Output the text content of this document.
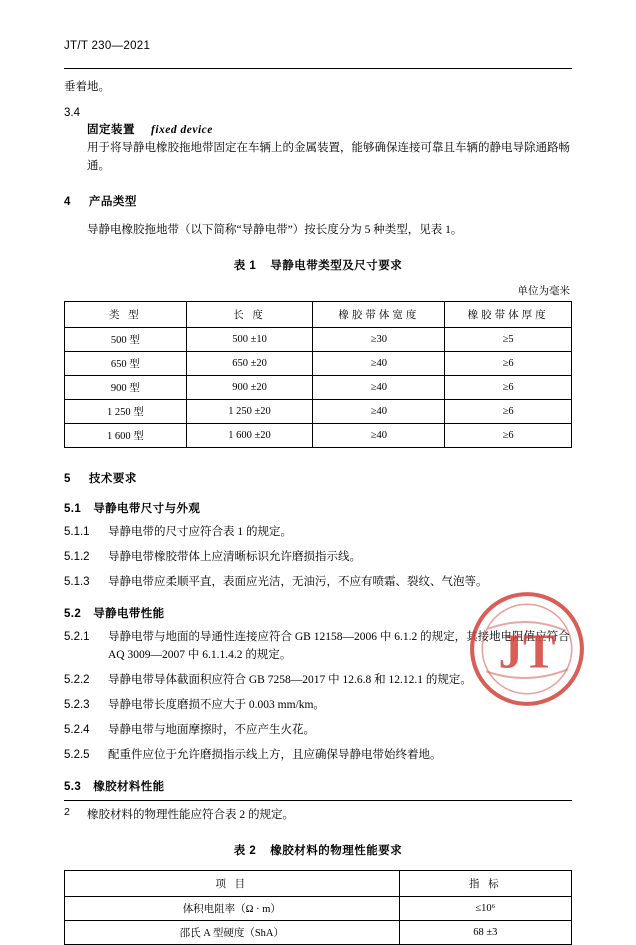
JT/T 230—2021

垂着地。

3.4
固定装置 fixed device
用于将导静电橡胶拖地带固定在车辆上的金属装置，能够确保连接可靠且车辆的静电导除通路畅通。
4 产品类型

导静电橡胶拖地带（以下简称“导静电带”）按长度分为 5 种类型，见表 1。

表 1 导静电带类型及尺寸要求
单位为毫米
类 型	长 度	橡胶带体宽度	橡胶带体厚度
500 型	500 ±10	≥30	≥5
650 型	650 ±20	≥40	≥6
900 型	900 ±20	≥40	≥6
1 250 型	1 250 ±20	≥40	≥6
1 600 型	1 600 ±20	≥40	≥6
5 技术要求
5.1 导静电带尺寸与外观
5.1.1 导静电带的尺寸应符合表 1 的规定。
5.1.2 导静电带橡胶带体上应清晰标识允许磨损指示线。
5.1.3 导静电带应柔顺平直，表面应光洁，无油污，不应有喷霜、裂纹、气泡等。
5.2 导静电带性能
5.2.1 导静电带与地面的导通性连接应符合 GB 12158—2006 中 6.1.2 的规定，其接地电阻值应符合 AQ 3009—2007 中 6.1.1.4.2 的规定。
5.2.2 导静电带导体截面积应符合 GB 7258—2017 中 12.6.8 和 12.12.1 的规定。
5.2.3 导静电带长度磨损不应大于 0.003 mm/km。
5.2.4 导静电带与地面摩擦时，不应产生火花。
5.2.5 配重件应位于允许磨损指示线上方，且应确保导静电带始终着地。
5.3 橡胶材料性能

橡胶材料的物理性能应符合表 2 的规定。

表 2 橡胶材料的物理性能要求
项 目	指 标
体积电阻率（Ω · m）	≤10⁶
邵氏 A 型硬度（ShA）	68 ±3
2
JT
